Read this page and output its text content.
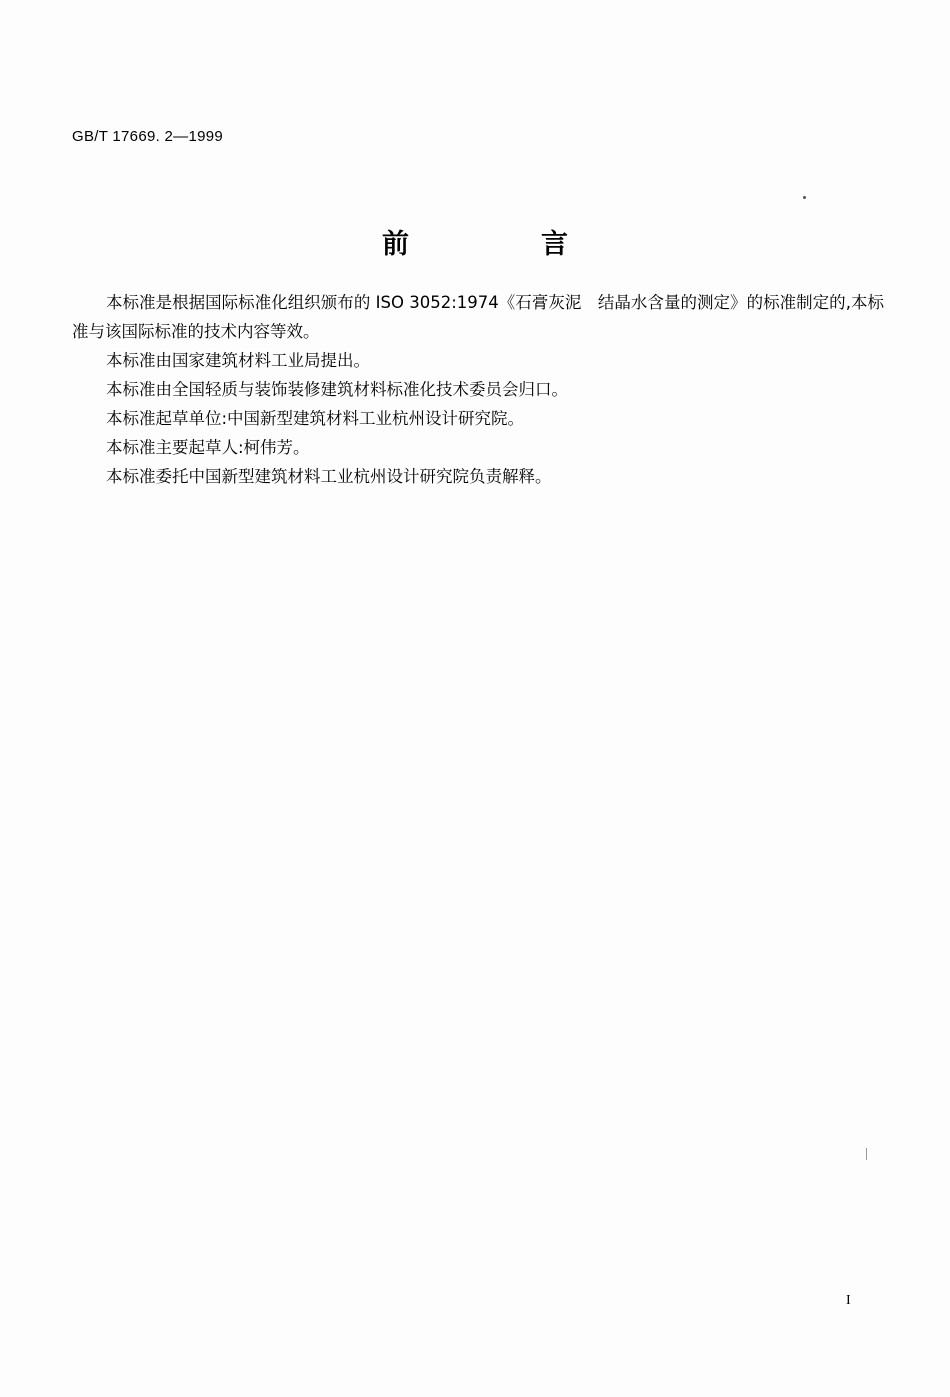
GB/T 17669. 2—1999
前　　言

本标准是根据国际标准化组织颁布的 ISO 3052:1974《石膏灰泥　结晶水含量的测定》的标准制定的,本标准与该国际标准的技术内容等效。

本标准由国家建筑材料工业局提出。

本标准由全国轻质与装饰装修建筑材料标准化技术委员会归口。

本标准起草单位:中国新型建筑材料工业杭州设计研究院。

本标准主要起草人:柯伟芳。

本标准委托中国新型建筑材料工业杭州设计研究院负责解释。

I
